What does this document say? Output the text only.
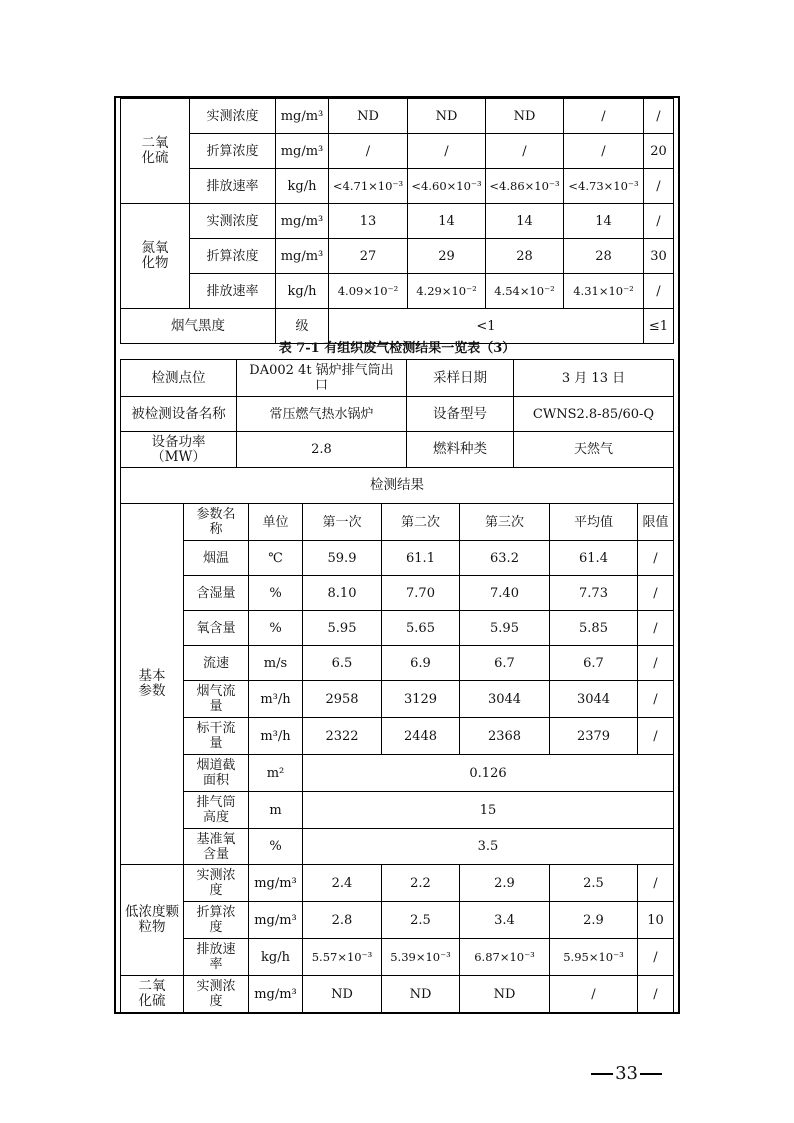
二氧化硫	实测浓度	mg/m³	ND	ND	ND	/	/
	折算浓度	mg/m³	/	/	/	/	20
	排放速率	kg/h	<4.71×10⁻³	<4.60×10⁻³	<4.86×10⁻³	<4.73×10⁻³	/
氮氧化物	实测浓度	mg/m³	13	14	14	14	/
	折算浓度	mg/m³	27	29	28	28	30
	排放速率	kg/h	4.09×10⁻²	4.29×10⁻²	4.54×10⁻²	4.31×10⁻²	/
烟气黑度		级	<1				≤1
表 7-1 有组织废气检测结果一览表（3）
检测点位	DA002 4t 锅炉排气筒出口	采样日期	3 月 13 日
被检测设备名称	常压燃气热水锅炉	设备型号	CWNS2.8-85/60-Q
设备功率（MW）	2.8	燃料种类	天然气
检测结果			
基本参数	参数名称	单位	第一次	第二次	第三次	平均值	限值
	烟温	℃	59.9	61.1	63.2	61.4	/
	含湿量	%	8.10	7.70	7.40	7.73	/
	氧含量	%	5.95	5.65	5.95	5.85	/
	流速	m/s	6.5	6.9	6.7	6.7	/
	烟气流量	m³/h	2958	3129	3044	3044	/
	标干流量	m³/h	2322	2448	2368	2379	/
	烟道截面积	m²	0.126				
	排气筒高度	m	15				
	基准氧含量	%	3.5				
低浓度颗粒物	实测浓度	mg/m³	2.4	2.2	2.9	2.5	/
	折算浓度	mg/m³	2.8	2.5	3.4	2.9	10
	排放速率	kg/h	5.57×10⁻³	5.39×10⁻³	6.87×10⁻³	5.95×10⁻³	/
二氧化硫	实测浓度	mg/m³	ND	ND	ND	/	/
33
